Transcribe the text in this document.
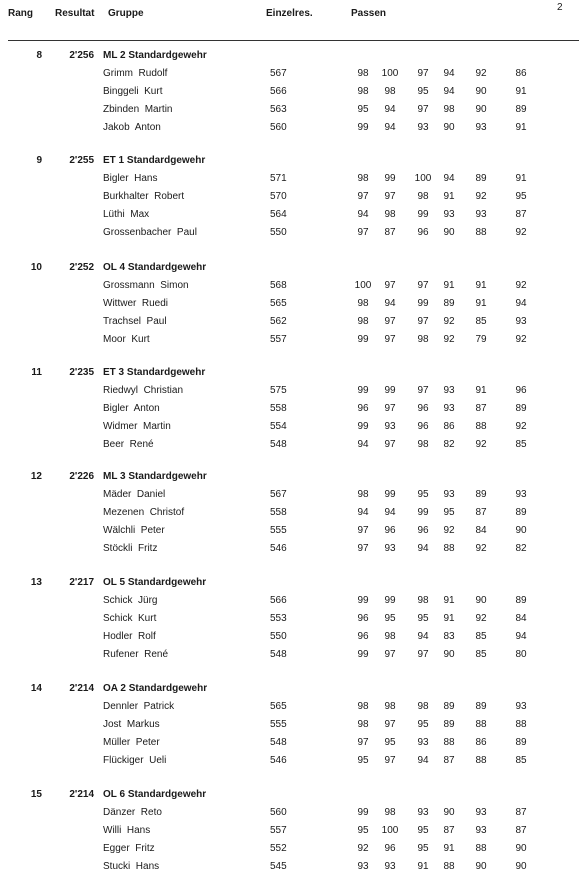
Rang Resultat Gruppe	Einzelres.	Passen
2
8	2'256 ML 2 Standardgewehr
Grimm  Rudolf	567	98	100	97	94	92	86
Binggeli  Kurt	566	98	98	95	94	90	91
Zbinden  Martin	563	95	94	97	98	90	89
Jakob  Anton	560	99	94	93	90	93	91
9	2'255 ET 1 Standardgewehr
Bigler  Hans	571	98	99	100	94	89	91
Burkhalter  Robert	570	97	97	98	91	92	95
Lüthi  Max	564	94	98	99	93	93	87
Grossenbacher  Paul	550	97	87	96	90	88	92
10	2'252 OL 4 Standardgewehr
Grossmann  Simon	568	100	97	97	91	91	92
Wittwer  Ruedi	565	98	94	99	89	91	94
Trachsel  Paul	562	98	97	97	92	85	93
Moor  Kurt	557	99	97	98	92	79	92
11	2'235 ET 3 Standardgewehr
Riedwyl  Christian	575	99	99	97	93	91	96
Bigler  Anton	558	96	97	96	93	87	89
Widmer  Martin	554	99	93	96	86	88	92
Beer  René	548	94	97	98	82	92	85
12	2'226 ML 3 Standardgewehr
Mäder  Daniel	567	98	99	95	93	89	93
Mezenen  Christof	558	94	94	99	95	87	89
Wälchli  Peter	555	97	96	96	92	84	90
Stöckli  Fritz	546	97	93	94	88	92	82
13	2'217 OL 5 Standardgewehr
Schick  Jürg	566	99	99	98	91	90	89
Schick  Kurt	553	96	95	95	91	92	84
Hodler  Rolf	550	96	98	94	83	85	94
Rufener  René	548	99	97	97	90	85	80
14	2'214 OA 2 Standardgewehr
Dennler  Patrick	565	98	98	98	89	89	93
Jost  Markus	555	98	97	95	89	88	88
Müller  Peter	548	97	95	93	88	86	89
Flückiger  Ueli	546	95	97	94	87	88	85
15	2'214 OL 6 Standardgewehr
Dänzer  Reto	560	99	98	93	90	93	87
Willi  Hans	557	95	100	95	87	93	87
Egger  Fritz	552	92	96	95	91	88	90
Stucki  Hans	545	93	93	91	88	90	90
